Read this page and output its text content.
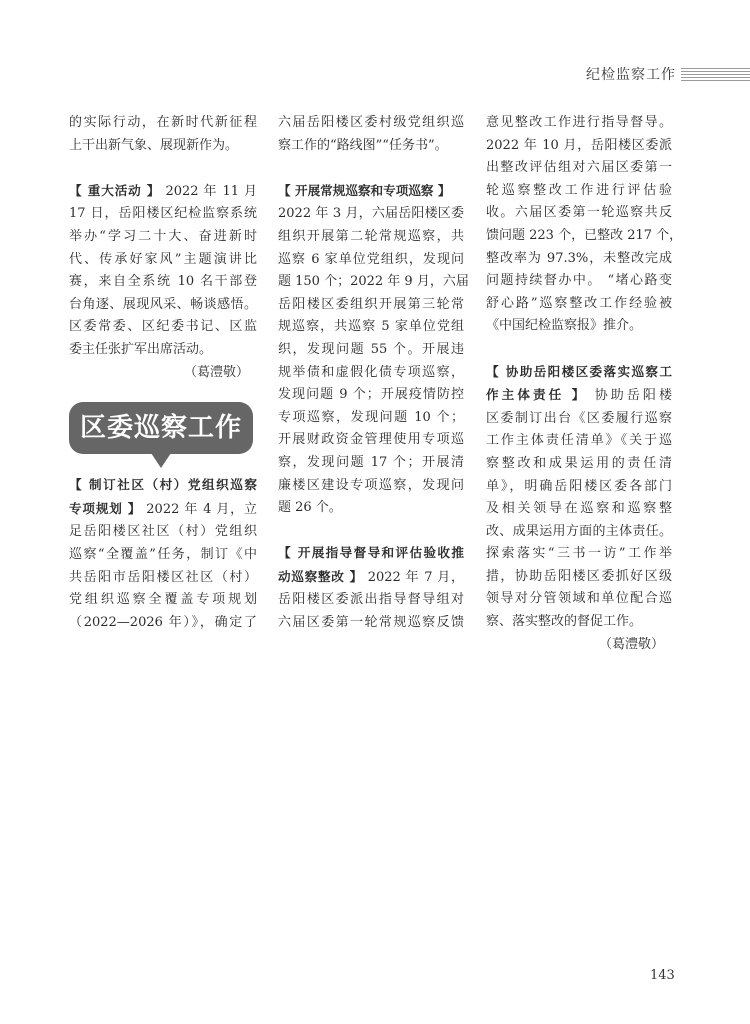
纪检监察工作

的实际行动，在新时代新征程
上干出新气象、展现新作为。

【 重大活动 】 2022 年 11 月
17 日，岳阳楼区纪检监察系统
举办“学习二十大、奋进新时
代、传承好家风”主题演讲比
赛，来自全系统 10 名干部登
台角逐、展现风采、畅谈感悟。
区委常委、区纪委书记、区监
委主任张扩军出席活动。
（葛澧敬）

区委巡察工作

【 制订社区（村）党组织巡察
专项规划 】 2022 年 4 月，立
足岳阳楼区社区（村）党组织
巡察“全覆盖”任务，制订《中
共岳阳市岳阳楼区社区（村）
党组织巡察全覆盖专项规划
（2022—2026 年）》，确定了

六届岳阳楼区委村级党组织巡
察工作的“路线图”“任务书”。

【 开展常规巡察和专项巡察 】
2022 年 3 月，六届岳阳楼区委
组织开展第二轮常规巡察，共
巡察 6 家单位党组织，发现问
题 150 个；2022 年 9 月，六届
岳阳楼区委组织开展第三轮常
规巡察，共巡察 5 家单位党组
织，发现问题 55 个。开展违
规举债和虚假化债专项巡察，
发现问题 9 个；开展疫情防控
专项巡察，发现问题 10 个；
开展财政资金管理使用专项巡
察，发现问题 17 个；开展清
廉楼区建设专项巡察，发现问
题 26 个。

【 开展指导督导和评估验收推
动巡察整改 】 2022 年 7 月，
岳阳楼区委派出指导督导组对
六届区委第一轮常规巡察反馈

意见整改工作进行指导督导。
2022 年 10 月，岳阳楼区委派
出整改评估组对六届区委第一
轮巡察整改工作进行评估验
收。六届区委第一轮巡察共反
馈问题 223 个，已整改 217 个，
整改率为 97.3%，未整改完成
问题持续督办中。 “堵心路变
舒心路”巡察整改工作经验被
《中国纪检监察报》推介。

【 协助岳阳楼区委落实巡察工
作主体责任 】 协助岳阳楼
区委制订出台《区委履行巡察
工作主体责任清单》《关于巡
察整改和成果运用的责任清
单》，明确岳阳楼区委各部门
及相关领导在巡察和巡察整
改、成果运用方面的主体责任。
探索落实“三书一访”工作举
措，协助岳阳楼区委抓好区级
领导对分管领域和单位配合巡
察、落实整改的督促工作。
（葛澧敬）

143
